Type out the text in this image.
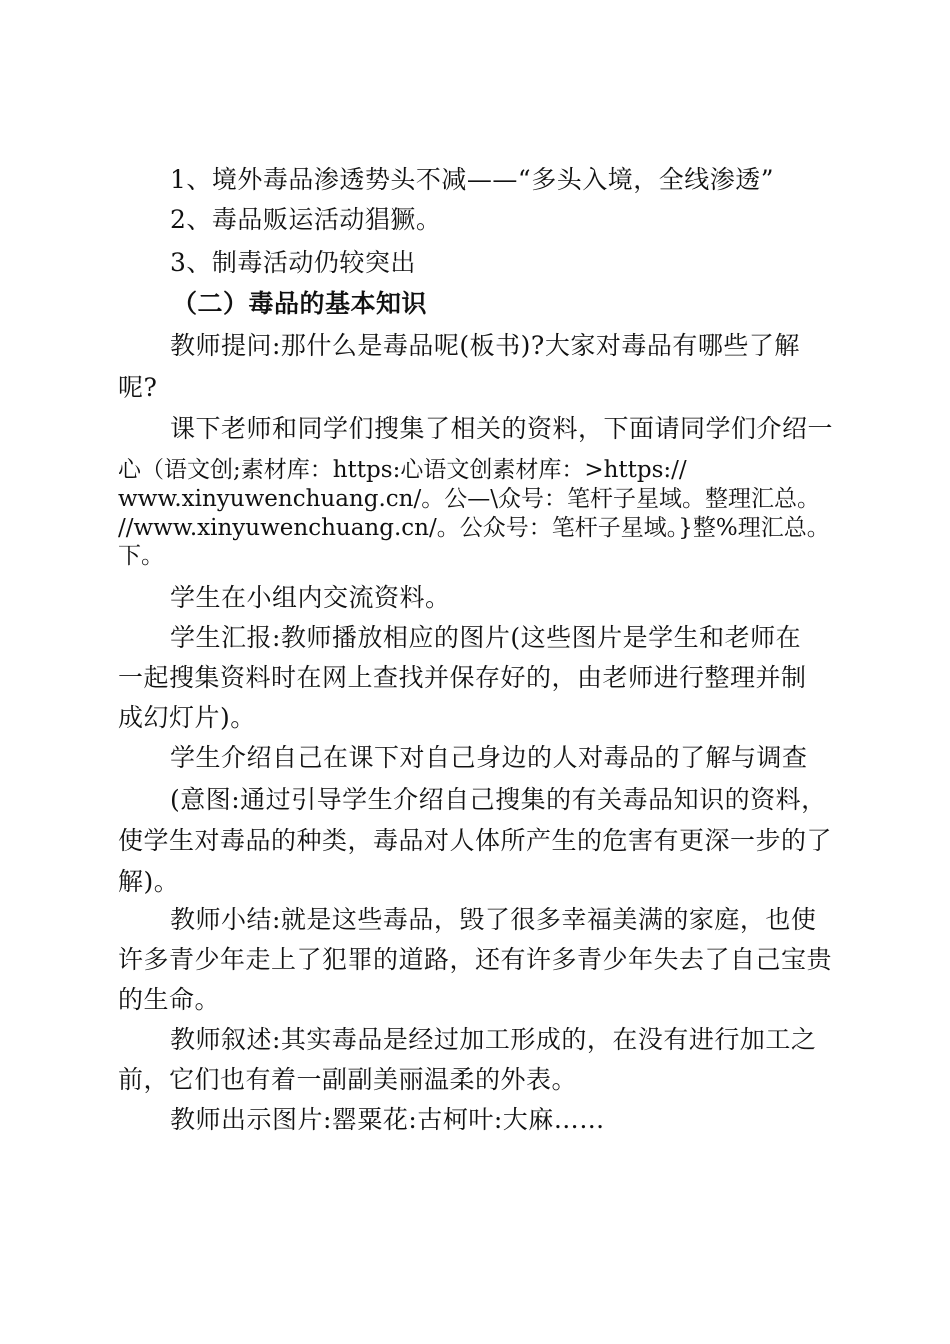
1、境外毒品渗透势头不减——“多头入境，全线渗透”
2、毒品贩运活动猖獗。
3、制毒活动仍较突出
（二）毒品的基本知识
教师提问:那什么是毒品呢(板书)?大家对毒品有哪些了解
呢?
课下老师和同学们搜集了相关的资料，下面请同学们介绍一
心（语文创;素材库：https:心语文创素材库：>https://
www.xinyuwenchuang.cn/。公—\众号：笔杆子星域。整理汇总。
//www.xinyuwenchuang.cn/。公众号：笔杆子星域。}整%理汇总。
下。
学生在小组内交流资料。
学生汇报:教师播放相应的图片(这些图片是学生和老师在
一起搜集资料时在网上查找并保存好的，由老师进行整理并制
成幻灯片)。
学生介绍自己在课下对自己身边的人对毒品的了解与调查
(意图:通过引导学生介绍自己搜集的有关毒品知识的资料，
使学生对毒品的种类，毒品对人体所产生的危害有更深一步的了
解)。
教师小结:就是这些毒品，毁了很多幸福美满的家庭，也使
许多青少年走上了犯罪的道路，还有许多青少年失去了自己宝贵
的生命。
教师叙述:其实毒品是经过加工形成的，在没有进行加工之
前，它们也有着一副副美丽温柔的外表。
教师出示图片:罂粟花:古柯叶:大麻……
